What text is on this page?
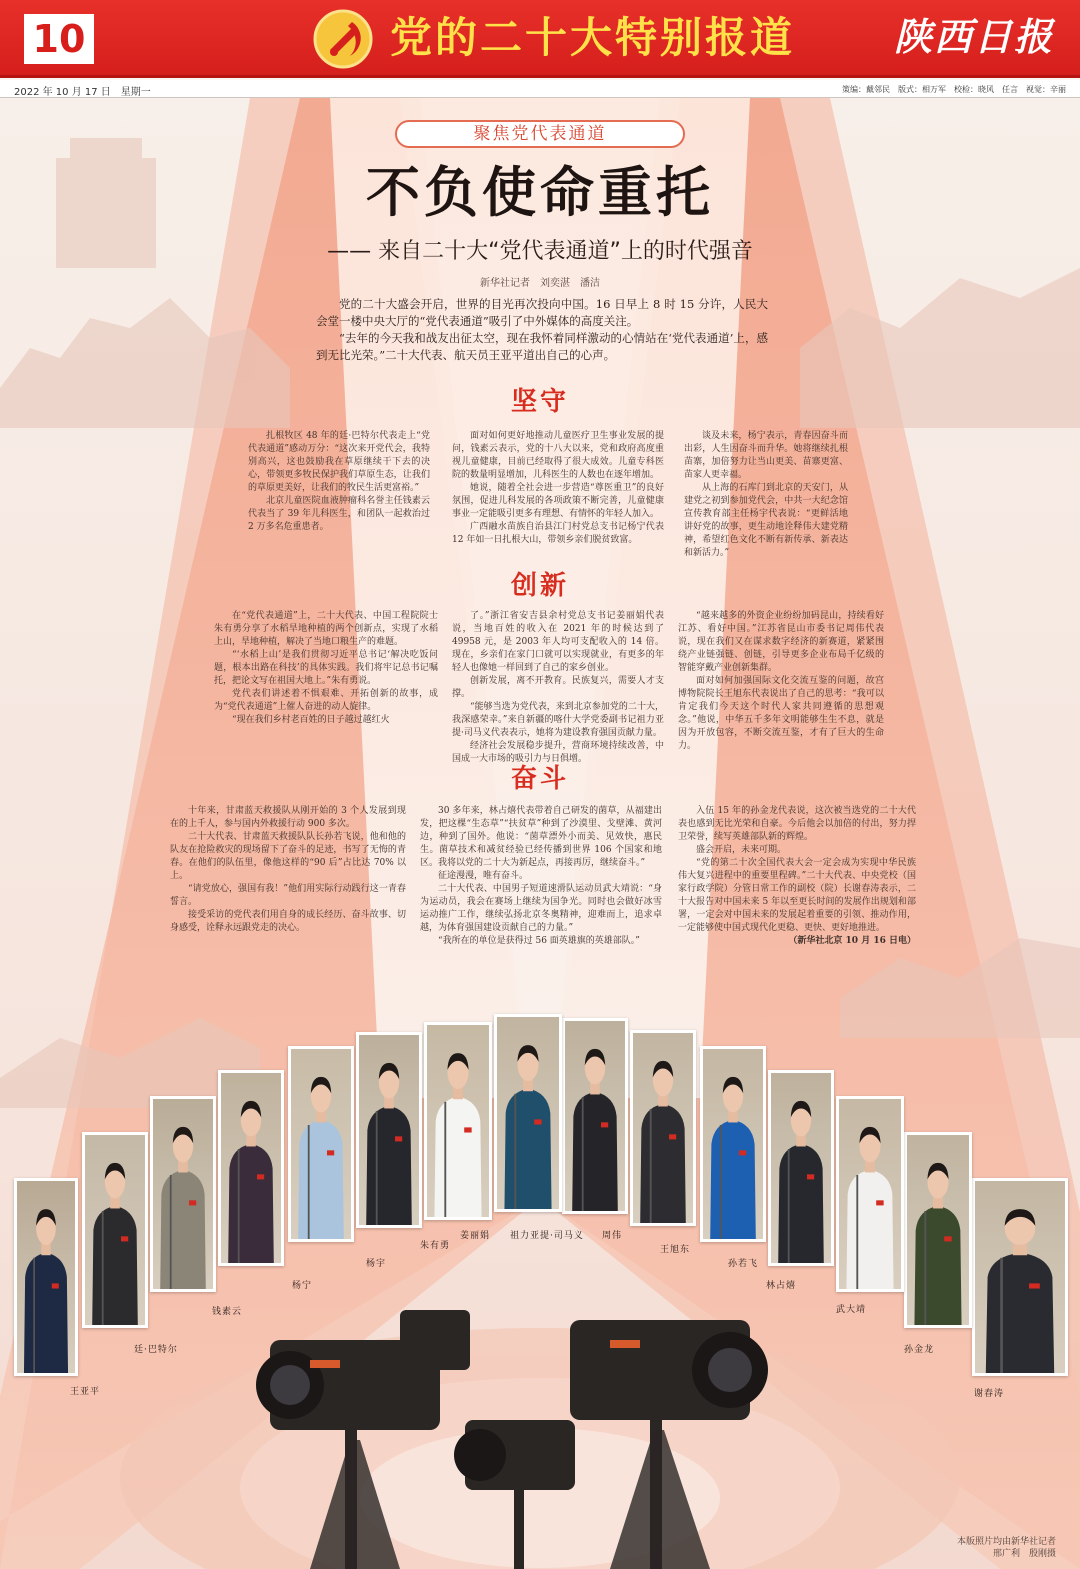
10	党的二十大特别报道	陕西日报
2022 年 10 月 17 日　星期一	策编：戴邻民　版式：相万军　校检：晓风　任言　视觉：辛丽
聚焦党代表通道
不负使命重托
—— 来自二十大“党代表通道”上的时代强音
新华社记者　刘奕湛　潘洁

党的二十大盛会开启，世界的目光再次投向中国。16 日早上 8 时 15 分许，人民大会堂一楼中央大厅的“党代表通道”吸引了中外媒体的高度关注。

“去年的今天我和战友出征太空，现在我怀着同样激动的心情站在‘党代表通道’上，感到无比光荣。”二十大代表、航天员王亚平道出自己的心声。

坚守

扎根牧区 48 年的廷·巴特尔代表走上“党代表通道”感动万分：“这次来开党代会，我特别高兴，这也鼓励我在草原继续干下去的决心，带领更多牧民保护我们草原生态，让我们的草原更美好，让我们的牧民生活更富裕。”

北京儿童医院血液肿瘤科名誉主任钱素云代表当了 39 年儿科医生，和团队一起救治过 2 万多名危重患者。

面对如何更好地推动儿童医疗卫生事业发展的提问，钱素云表示，党的十八大以来，党和政府高度重视儿童健康，目前已经取得了很大成效。儿童专科医院的数量明显增加，儿科医生的人数也在逐年增加。

她说，随着全社会进一步营造“尊医重卫”的良好氛围，促进儿科发展的各项政策不断完善，儿童健康事业一定能吸引更多有理想、有情怀的年轻人加入。

广西融水苗族自治县江门村党总支书记杨宁代表 12 年如一日扎根大山，带领乡亲们脱贫致富。

谈及未来，杨宁表示，青春因奋斗而出彩，人生因奋斗而升华。她将继续扎根苗寨，加倍努力让当山更美、苗寨更富、苗家人更幸福。

从上海的石库门到北京的天安门，从建党之初到参加党代会，中共一大纪念馆宣传教育部主任杨宇代表说：“更鲜活地讲好党的故事，更生动地诠释伟大建党精神，希望红色文化不断有新传承、新表达和新活力。”

创新

在“党代表通道”上，二十大代表、中国工程院院士朱有勇分享了水稻旱地种植的两个创新点，实现了水稻上山，旱地种植，解决了当地口粮生产的难题。

“‘水稻上山’是我们贯彻习近平总书记‘解决吃饭问题，根本出路在科技’的具体实践。我们将牢记总书记嘱托，把论文写在祖国大地上。”朱有勇说。

党代表们讲述着不惧艰难、开拓创新的故事，成为“党代表通道”上催人奋进的动人旋律。

“现在我们乡村老百姓的日子越过越红火

了。”浙江省安吉县余村党总支书记姜丽娟代表说，当地百姓的收入在 2021 年的时候达到了 49958 元，是 2003 年人均可支配收入的 14 倍。现在，乡亲们在家门口就可以实现就业，有更多的年轻人也像她一样回到了自己的家乡创业。

创新发展，离不开教育。民族复兴，需要人才支撑。

“能够当选为党代表，来到北京参加党的二十大，我深感荣幸。”来自新疆的喀什大学党委副书记祖力亚提·司马义代表表示，她将为建设教育强国贡献力量。

经济社会发展稳步提升，营商环境持续改善，中国成一大市场的吸引力与日俱增。

“越来越多的外资企业纷纷加码昆山，持续看好江苏、看好中国。”江苏省昆山市委书记周伟代表说，现在我们又在谋求数字经济的新赛道，紧紧围绕产业链强链、创链，引导更多企业布局千亿级的智能穿戴产业创新集群。

面对如何加强国际文化交流互鉴的问题，故宫博物院院长王旭东代表说出了自己的思考：“我可以肯定我们今天这个时代人家共同遵循的思想观念。”他说，中华五千多年文明能够生生不息，就是因为开放包容，不断交流互鉴，才有了巨大的生命力。

奋斗

十年来，甘肃蓝天救援队从刚开始的 3 个人发展到现在的上千人，参与国内外救援行动 900 多次。

二十大代表、甘肃蓝天救援队队长孙若飞说，他和他的队友在抢险救灾的现场留下了奋斗的足迹，书写了无悔的青春。在他们的队伍里，像他这样的“90 后”占比达 70% 以上。

“请党放心，强国有我！”他们用实际行动践行这一青春誓言。

接受采访的党代表们用自身的成长经历、奋斗故事、切身感受，诠释永远跟党走的决心。

30 多年来，林占熺代表带着自己研发的菌草，从福建出发，把这棵“生态草”“扶贫草”种到了沙漠里、戈壁滩、黄河边，种到了国外。他说：“菌草漂外小而美、见效快，惠民生。菌草技术和减贫经验已经传播到世界 106 个国家和地区。我将以党的二十大为新起点，再接再厉，继续奋斗。”

征途漫漫，唯有奋斗。

二十大代表、中国男子短道速滑队运动员武大靖说：“身为运动员，我会在赛场上继续为国争光。同时也会做好冰雪运动推广工作，继续弘扬北京冬奥精神，迎难而上，追求卓越，为体育强国建设贡献自己的力量。”

“我所在的单位是获得过 56 面英雄旗的英雄部队。”

入伍 15 年的孙金龙代表说，这次被当选党的二十大代表也感到无比光荣和自豪。今后他会以加倍的付出，努力捍卫荣誉，续写英雄部队新的辉煌。

盛会开启，未来可期。

“党的第二十次全国代表大会一定会成为实现中华民族伟大复兴进程中的重要里程碑。”二十大代表、中央党校（国家行政学院）分管日常工作的副校（院）长谢春涛表示，二十大报告对中国未来 5 年以至更长时间的发展作出规划和部署，一定会对中国未来的发展起着重要的引领、推动作用，一定能够使中国式现代化更稳、更快、更好地推进。

（新华社北京 10 月 16 日电）

王亚平
廷·巴特尔
钱素云
杨宁
杨宇
朱有勇
姜丽娟 祖力亚提·司马义 周伟
王旭东
孙若飞
林占熺
武大靖
孙金龙
谢春涛
本版照片均由新华社记者
邢广利　殷刚摄
